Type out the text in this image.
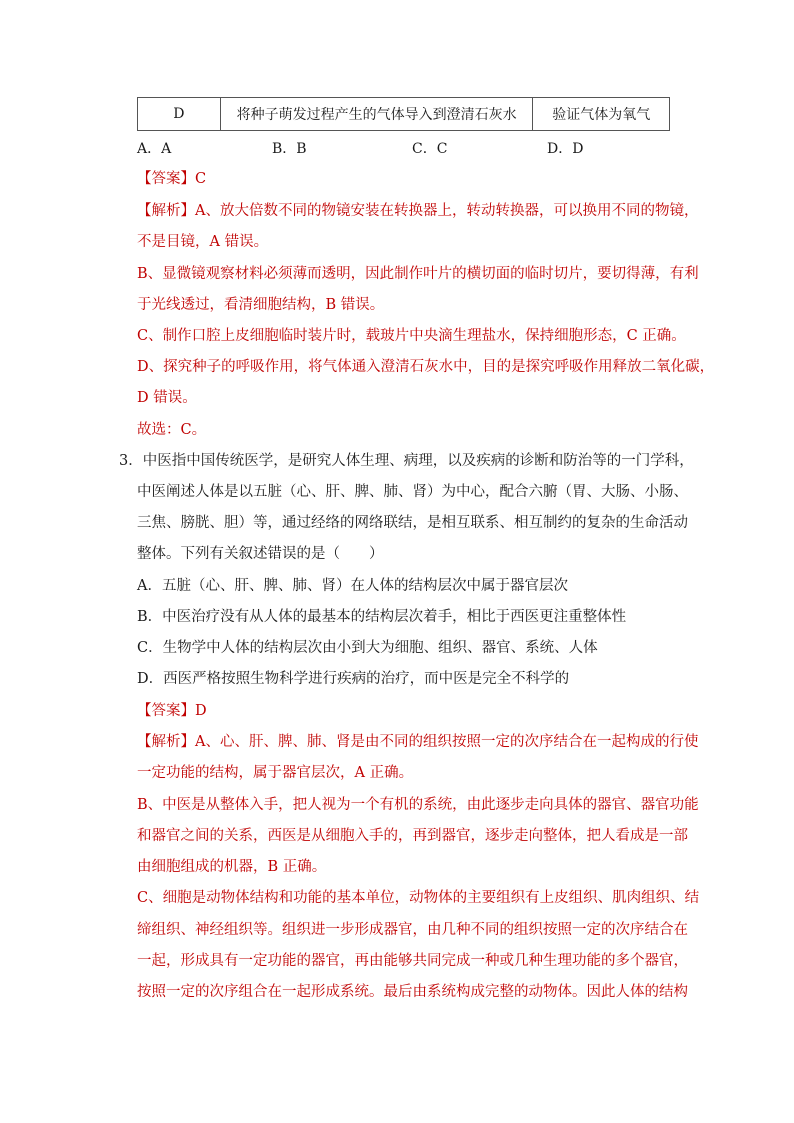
D	将种子萌发过程产生的气体导入到澄清石灰水	验证气体为氧气
A．A	B．B	C．C	D．D
【答案】C
【解析】A、放大倍数不同的物镜安装在转换器上，转动转换器，可以换用不同的物镜，
不是目镜，A 错误。
B、显微镜观察材料必须薄而透明，因此制作叶片的横切面的临时切片，要切得薄，有利
于光线透过，看清细胞结构，B 错误。
C、制作口腔上皮细胞临时装片时，载玻片中央滴生理盐水，保持细胞形态，C 正确。
D、探究种子的呼吸作用，将气体通入澄清石灰水中，目的是探究呼吸作用释放二氧化碳，
D 错误。
故选：C。
3．中医指中国传统医学，是研究人体生理、病理，以及疾病的诊断和防治等的一门学科，
中医阐述人体是以五脏（心、肝、脾、肺、肾）为中心，配合六腑（胃、大肠、小肠、
三焦、膀胱、胆）等，通过经络的网络联结，是相互联系、相互制约的复杂的生命活动
整体。下列有关叙述错误的是（　　）
A．五脏（心、肝、脾、肺、肾）在人体的结构层次中属于器官层次
B．中医治疗没有从人体的最基本的结构层次着手，相比于西医更注重整体性
C．生物学中人体的结构层次由小到大为细胞、组织、器官、系统、人体
D．西医严格按照生物科学进行疾病的治疗，而中医是完全不科学的
【答案】D
【解析】A、心、肝、脾、肺、肾是由不同的组织按照一定的次序结合在一起构成的行使
一定功能的结构，属于器官层次，A 正确。
B、中医是从整体入手，把人视为一个有机的系统，由此逐步走向具体的器官、器官功能
和器官之间的关系，西医是从细胞入手的，再到器官，逐步走向整体，把人看成是一部
由细胞组成的机器，B 正确。
C、细胞是动物体结构和功能的基本单位，动物体的主要组织有上皮组织、肌肉组织、结
缔组织、神经组织等。组织进一步形成器官，由几种不同的组织按照一定的次序结合在
一起，形成具有一定功能的器官，再由能够共同完成一种或几种生理功能的多个器官，
按照一定的次序组合在一起形成系统。最后由系统构成完整的动物体。因此人体的结构
